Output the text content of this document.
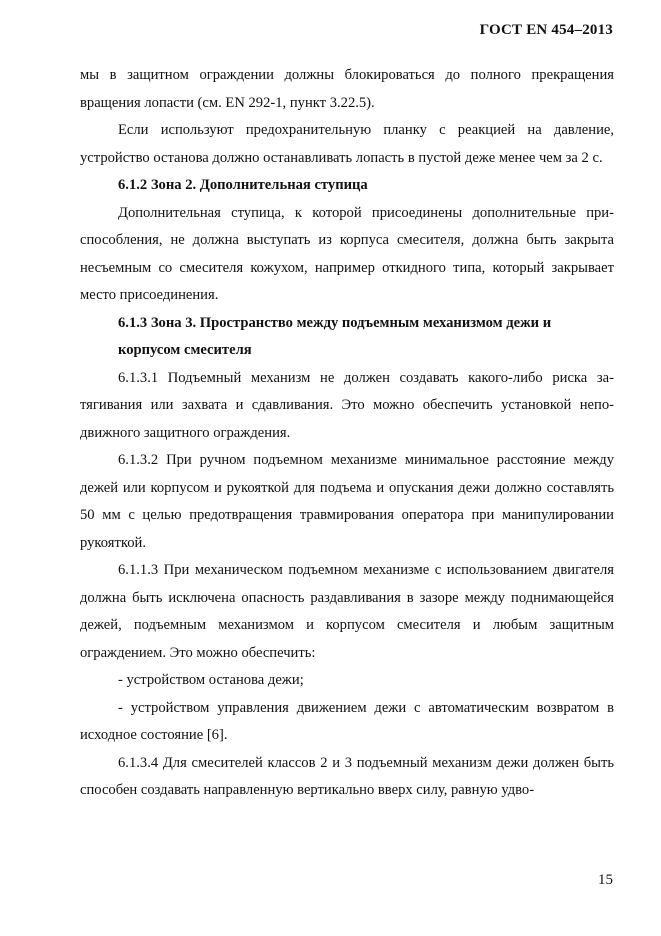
ГОСТ EN 454–2013

мы в защитном ограждении должны блокироваться до полного прекращения вращения лопасти (см. EN 292-1, пункт 3.22.5).

Если используют предохранительную планку с реакцией на давление, устройство останова должно останавливать лопасть в пустой деже менее чем за 2 с.

6.1.2 Зона 2. Дополнительная ступица

Дополнительная ступица, к которой присоединены дополнительные приспособления, не должна выступать из корпуса смесителя, должна быть закрыта несъемным со смесителя кожухом, например откидного типа, который закрывает место присоединения.

6.1.3 Зона 3. Пространство между подъемным механизмом дежи и корпусом смесителя

6.1.3.1 Подъемный механизм не должен создавать какого-либо риска затягивания или захвата и сдавливания. Это можно обеспечить установкой неподвижного защитного ограждения.

6.1.3.2 При ручном подъемном механизме минимальное расстояние между дежей или корпусом и рукояткой для подъема и опускания дежи должно составлять 50 мм с целью предотвращения травмирования оператора при манипулировании рукояткой.

6.1.1.3 При механическом подъемном механизме с использованием двигателя должна быть исключена опасность раздавливания в зазоре между поднимающейся дежей, подъемным механизмом и корпусом смесителя и любым защитным ограждением. Это можно обеспечить:

- устройством останова дежи;

- устройством управления движением дежи с автоматическим возвратом в исходное состояние [6].

6.1.3.4 Для смесителей классов 2 и 3 подъемный механизм дежи должен быть способен создавать направленную вертикально вверх силу, равную удво-

15
